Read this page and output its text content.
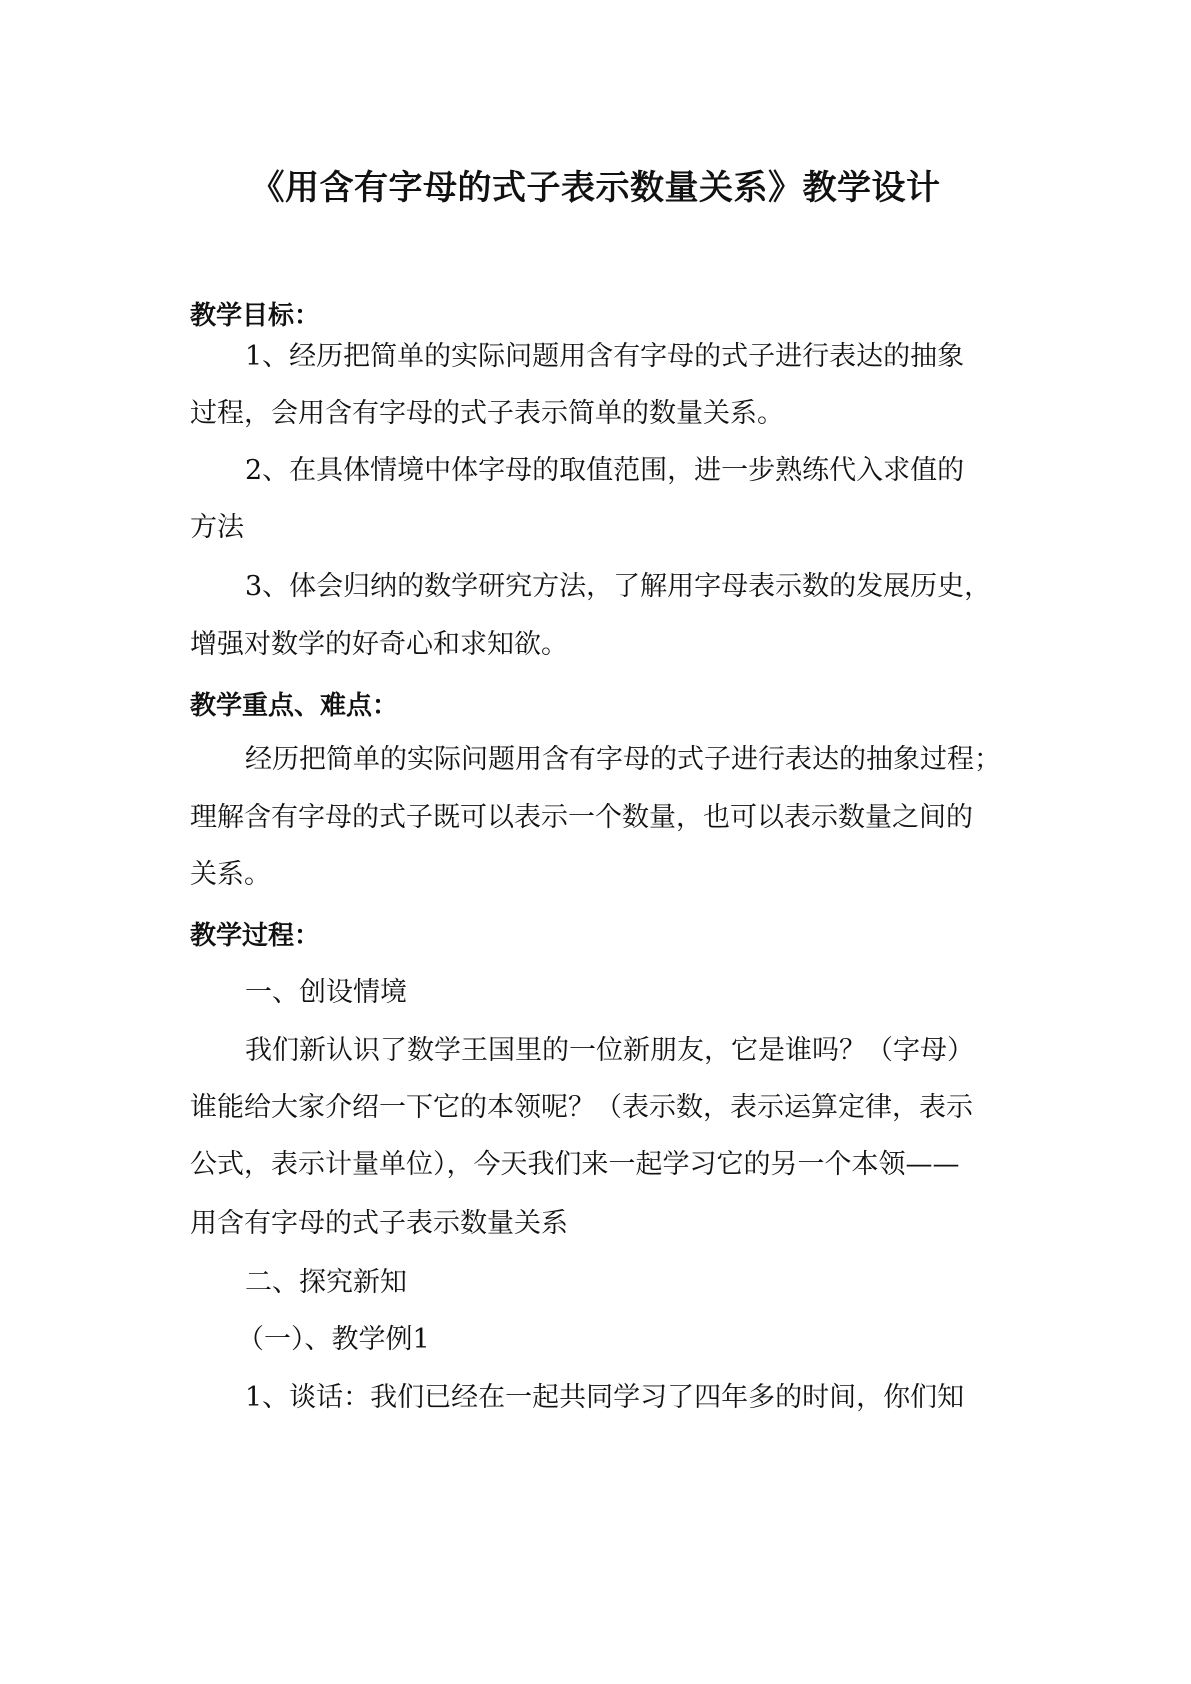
《用含有字母的式子表示数量关系》教学设计
教学目标：
1、经历把简单的实际问题用含有字母的式子进行表达的抽象
过程，会用含有字母的式子表示简单的数量关系。
2、在具体情境中体字母的取值范围，进一步熟练代入求值的
方法
3、体会归纳的数学研究方法，了解用字母表示数的发展历史，
增强对数学的好奇心和求知欲。
教学重点、难点：
经历把简单的实际问题用含有字母的式子进行表达的抽象过程；
理解含有字母的式子既可以表示一个数量，也可以表示数量之间的
关系。
教学过程：
一、创设情境
我们新认识了数学王国里的一位新朋友，它是谁吗？（字母）
谁能给大家介绍一下它的本领呢？（表示数，表示运算定律，表示
公式，表示计量单位），今天我们来一起学习它的另一个本领——
用含有字母的式子表示数量关系
二、探究新知
（一）、教学例1
1、谈话：我们已经在一起共同学习了四年多的时间，你们知
